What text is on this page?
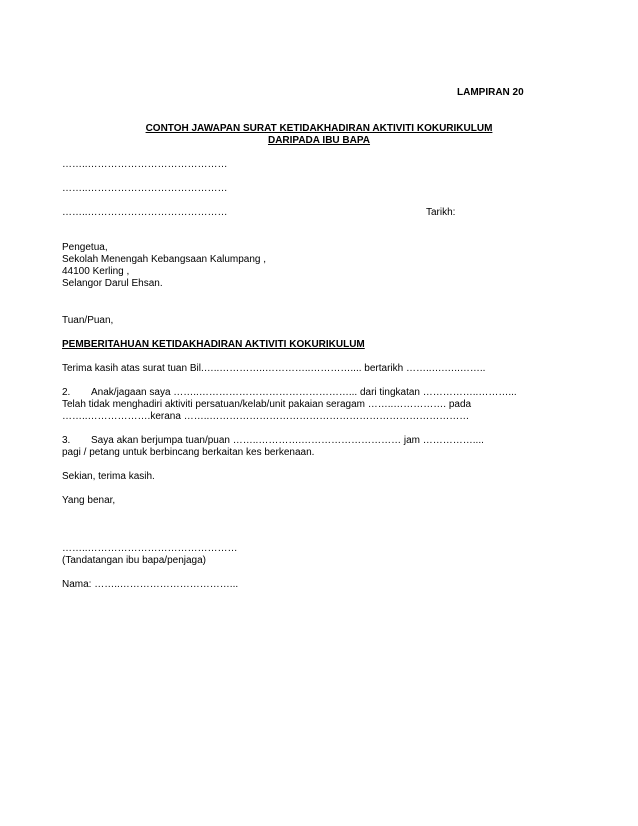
LAMPIRAN 20
CONTOH JAWAPAN SURAT KETIDAKHADIRAN AKTIVITI KOKURIKULUM
DARIPADA IBU BAPA
……..……………………………………
……..……………………………………
……..……………………………………	Tarikh:
Pengetua,
Sekolah Menengah Kebangsaan Kalumpang ,
44100 Kerling ,
Selangor Darul Ehsan.
Tuan/Puan,
PEMBERITAHUAN KETIDAKHADIRAN AKTIVITI KOKURIKULUM
Terima kasih atas surat tuan Bil.…..…………..…………..………….... bertarikh ……..….…..……..
2. Anak/jagaan saya ……..………………………………………... dari tingkatan ……………..………...
Telah tidak menghadiri aktiviti persatuan/kelab/unit pakaian seragam ……..……………. pada
……..……………….kerana ……..……………………………………………………………………
3. Saya akan berjumpa tuan/puan ……..………….………………………… jam ……………....
pagi / petang untuk berbincang berkaitan kes berkenaan.
Sekian, terima kasih.
Yang benar,
……..………………………………………
(Tandatangan ibu bapa/penjaga)
Nama: ……..……………………………...
